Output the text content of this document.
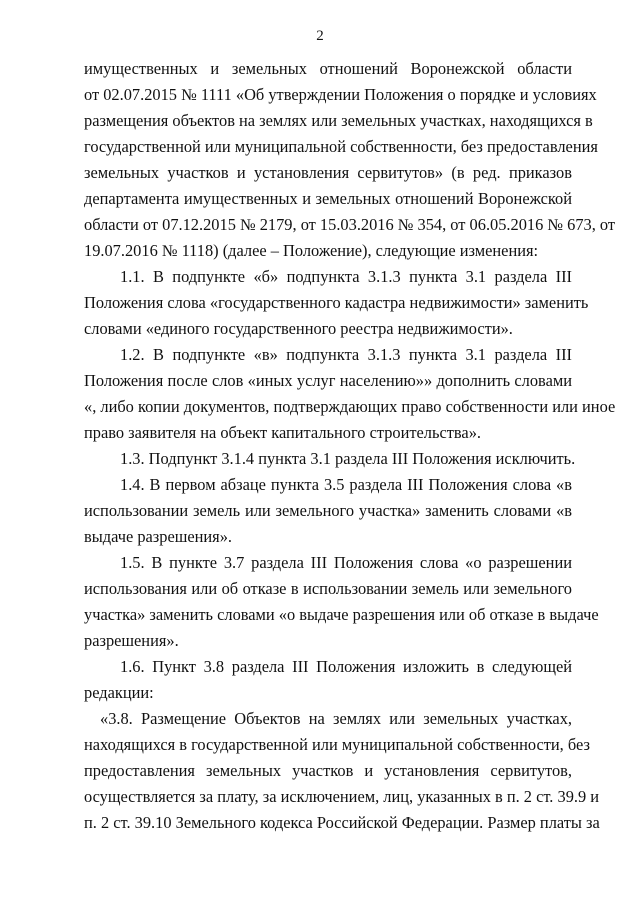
2

имущественных и земельных отношений Воронежской области
от 02.07.2015 № 1111 «Об утверждении Положения о порядке и условиях
размещения объектов на землях или земельных участках, находящихся в
государственной или муниципальной собственности, без предоставления
земельных участков и установления сервитутов» (в ред. приказов
департамента имущественных и земельных отношений Воронежской
области от 07.12.2015 № 2179, от 15.03.2016 № 354, от 06.05.2016 № 673, от
19.07.2016 № 1118) (далее – Положение), следующие изменения:

1.1. В подпункте «б» подпункта 3.1.3 пункта 3.1 раздела III
Положения слова «государственного кадастра недвижимости» заменить
словами «единого государственного реестра недвижимости».

1.2. В подпункте «в» подпункта 3.1.3 пункта 3.1 раздела III
Положения после слов «иных услуг населению»» дополнить словами
«, либо копии документов, подтверждающих право собственности или иное
право заявителя на объект капитального строительства».

1.3. Подпункт 3.1.4 пункта 3.1 раздела III Положения исключить.

1.4. В первом абзаце пункта 3.5 раздела III Положения слова «в
использовании земель или земельного участка» заменить словами «в
выдаче разрешения».

1.5. В пункте 3.7 раздела III Положения слова «о разрешении
использования или об отказе в использовании земель или земельного
участка» заменить словами «о выдаче разрешения или об отказе в выдаче
разрешения».

1.6. Пункт 3.8 раздела III Положения изложить в следующей
редакции:

«3.8. Размещение Объектов на землях или земельных участках,
находящихся в государственной или муниципальной собственности, без
предоставления земельных участков и установления сервитутов,
осуществляется за плату, за исключением, лиц, указанных в п. 2 ст. 39.9 и
п. 2 ст. 39.10 Земельного кодекса Российской Федерации. Размер платы за
